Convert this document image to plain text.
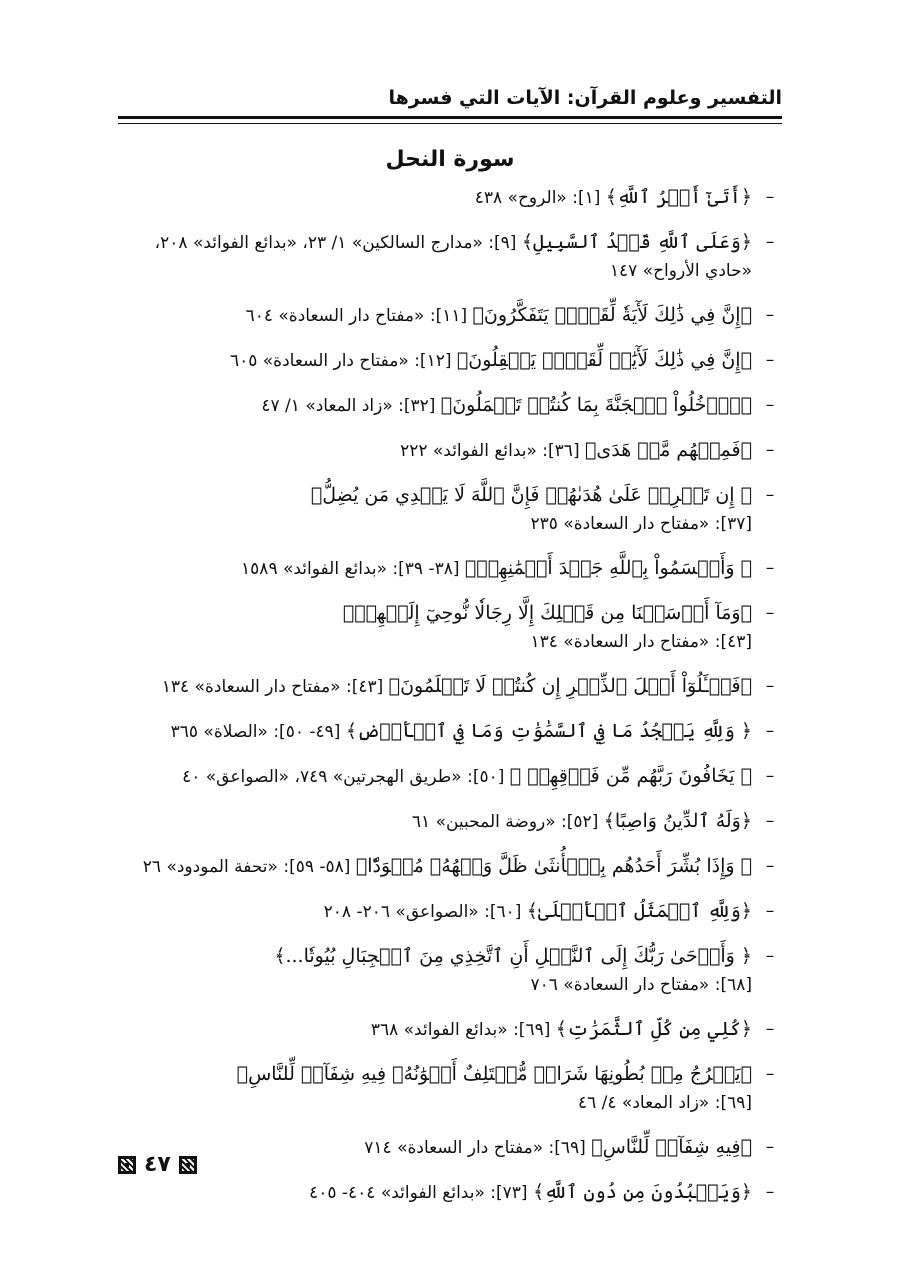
التفسير وعلوم القرآن: الآيات التي فسرها
سورة النحل
–
﴿أَتَىٰٓ أَمۡرُ ٱللَّهِ﴾ [١]: «الروح» ٤٣٨
–
﴿وَعَلَى ٱللَّهِ قَصۡدُ ٱلسَّبِيلِ﴾ [٩]: «مدارج السالكين» ١/ ٢٣، «بدائع الفوائد» ٢٠٨، «حادي الأرواح» ١٤٧
–
﴿إِنَّ فِي ذَٰلِكَ لَأٓيَةٗ لِّقَوۡمٖ يَتَفَكَّرُونَ﴾ [١١]: «مفتاح دار السعادة» ٦٠٤
–
﴿إِنَّ فِي ذَٰلِكَ لَأٓيَٰتٖ لِّقَوۡمٖ يَعۡقِلُونَ﴾ [١٢]: «مفتاح دار السعادة» ٦٠٥
–
﴿ٱدۡخُلُواْ ٱلۡجَنَّةَ بِمَا كُنتُمۡ تَعۡمَلُونَ﴾ [٣٢]: «زاد المعاد» ١/ ٤٧
–
﴿فَمِنۡهُم مَّنۡ هَدَى﴾ [٣٦]: «بدائع الفوائد» ٢٢٢
–
﴿ إِن تَحۡرِصۡ عَلَىٰ هُدَىٰهُمۡ فَإِنَّ ٱللَّهَ لَا يَهۡدِي مَن يُضِلُّ﴾ [٣٧]: «مفتاح دار السعادة» ٢٣٥
–
﴿ وَأَقۡسَمُواْ بِٱللَّهِ جَهۡدَ أَيۡمَٰنِهِمۡ﴾ [٣٨- ٣٩]: «بدائع الفوائد» ١٥٨٩
–
﴿وَمَآ أَرۡسَلۡنَا مِن قَبۡلِكَ إِلَّا رِجَالٗا نُّوحِيٓ إِلَيۡهِمۡ﴾ [٤٣]: «مفتاح دار السعادة» ١٣٤
–
﴿فَسۡـَٔلُوٓاْ أَهۡلَ ٱلذِّكۡرِ إِن كُنتُمۡ لَا تَعۡلَمُونَ﴾ [٤٣]: «مفتاح دار السعادة» ١٣٤
–
﴿ وَلِلَّهِ يَسۡجُدُ مَا فِي ٱلسَّمَٰوَٰتِ وَمَا فِي ٱلۡأَرۡضِ﴾ [٤٩- ٥٠]: «الصلاة» ٣٦٥
–
﴿ يَخَافُونَ رَبَّهُم مِّن فَوۡقِهِمۡ ﴾ [٥٠]: «طريق الهجرتين» ٧٤٩، «الصواعق» ٤٠
–
﴿وَلَهُ ٱلدِّينُ وَاصِبًا﴾ [٥٢]: «روضة المحبين» ٦١
–
﴿ وَإِذَا بُشِّرَ أَحَدُهُم بِٱلۡأُنثَىٰ ظَلَّ وَجۡهُهُۥ مُسۡوَدّٗا﴾ [٥٨- ٥٩]: «تحفة المودود» ٢٦
–
﴿وَلِلَّهِ ٱلۡمَثَلُ ٱلۡأَعۡلَىٰ﴾ [٦٠]: «الصواعق» ٢٠٦- ٢٠٨
–
﴿ وَأَوۡحَىٰ رَبُّكَ إِلَى ٱلنَّحۡلِ أَنِ ٱتَّخِذِي مِنَ ٱلۡجِبَالِ بُيُوتٗا...﴾ [٦٨]: «مفتاح دار السعادة» ٧٠٦
–
﴿كُلِي مِن كُلِّ ٱلثَّمَرَٰتِ﴾ [٦٩]: «بدائع الفوائد» ٣٦٨
–
﴿يَخۡرُجُ مِنۢ بُطُونِهَا شَرَابٞ مُّخۡتَلِفٌ أَلۡوَٰنُهُۥ فِيهِ شِفَآءٞ لِّلنَّاسِ﴾ [٦٩]: «زاد المعاد» ٤/ ٤٦
–
﴿فِيهِ شِفَآءٞ لِّلنَّاسِ﴾ [٦٩]: «مفتاح دار السعادة» ٧١٤
–
﴿وَيَعۡبُدُونَ مِن دُونِ ٱللَّهِ﴾ [٧٣]: «بدائع الفوائد» ٤٠٤- ٤٠٥
٤٧
